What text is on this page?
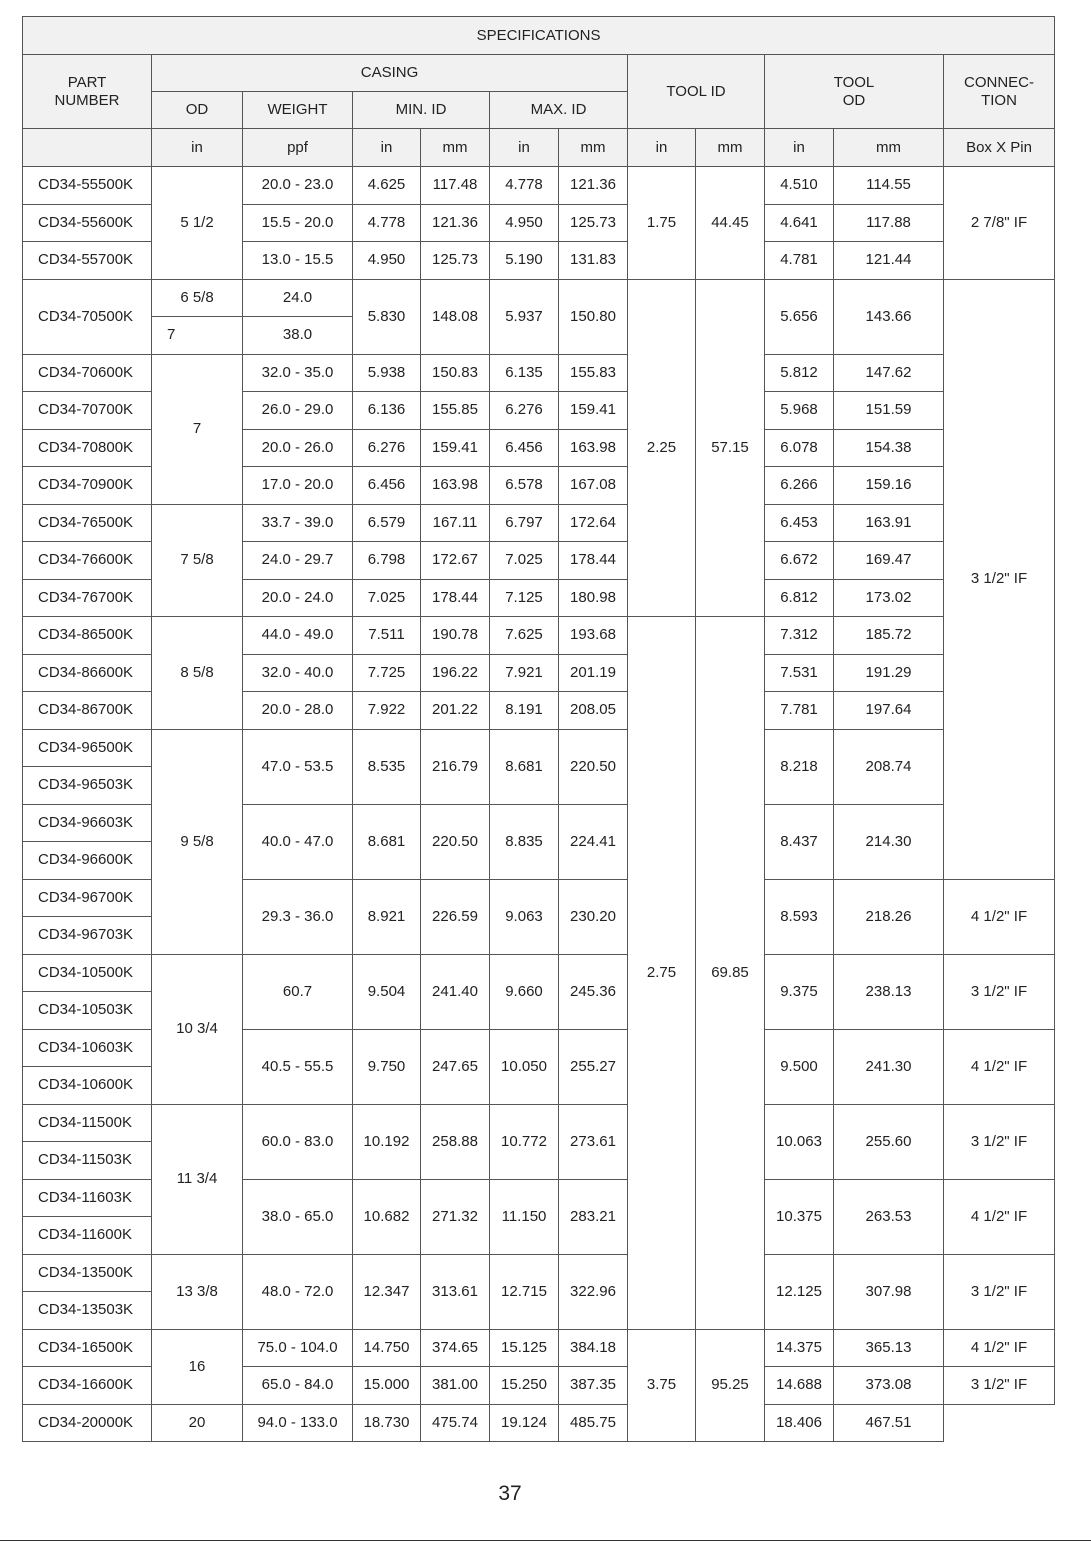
SPECIFICATIONS											
PART NUMBER	CASING						TOOL ID		TOOL OD		CONNEC- TION
	OD	WEIGHT	MIN. ID		MAX. ID						
	in	ppf	in	mm	in	mm	in	mm	in	mm	Box X Pin
CD34-55500K	5 1/2	20.0 - 23.0	4.625	117.48	4.778	121.36	1.75	44.45	4.510	114.55	2 7/8" IF
CD34-55600K		15.5 - 20.0	4.778	121.36	4.950	125.73			4.641	117.88	
CD34-55700K		13.0 - 15.5	4.950	125.73	5.190	131.83			4.781	121.44	
CD34-70500K	6 5/8	24.0	5.830	148.08	5.937	150.80	2.25	57.15	5.656	143.66	3 1/2" IF
	7	38.0									
CD34-70600K	7	32.0 - 35.0	5.938	150.83	6.135	155.83			5.812	147.62	
CD34-70700K		26.0 - 29.0	6.136	155.85	6.276	159.41			5.968	151.59	
CD34-70800K		20.0 - 26.0	6.276	159.41	6.456	163.98			6.078	154.38	
CD34-70900K		17.0 - 20.0	6.456	163.98	6.578	167.08			6.266	159.16	
CD34-76500K	7 5/8	33.7 - 39.0	6.579	167.11	6.797	172.64			6.453	163.91	
CD34-76600K		24.0 - 29.7	6.798	172.67	7.025	178.44			6.672	169.47	
CD34-76700K		20.0 - 24.0	7.025	178.44	7.125	180.98			6.812	173.02	
CD34-86500K	8 5/8	44.0 - 49.0	7.511	190.78	7.625	193.68	2.75	69.85	7.312	185.72	
CD34-86600K		32.0 - 40.0	7.725	196.22	7.921	201.19			7.531	191.29	
CD34-86700K		20.0 - 28.0	7.922	201.22	8.191	208.05			7.781	197.64	
CD34-96500K	9 5/8	47.0 - 53.5	8.535	216.79	8.681	220.50			8.218	208.74	
CD34-96503K											
CD34-96603K		40.0 - 47.0	8.681	220.50	8.835	224.41			8.437	214.30	
CD34-96600K											
CD34-96700K		29.3 - 36.0	8.921	226.59	9.063	230.20			8.593	218.26	4 1/2" IF
CD34-96703K											
CD34-10500K	10 3/4	60.7	9.504	241.40	9.660	245.36			9.375	238.13	3 1/2" IF
CD34-10503K											
CD34-10603K		40.5 - 55.5	9.750	247.65	10.050	255.27			9.500	241.30	4 1/2" IF
CD34-10600K											
CD34-11500K	11 3/4	60.0 - 83.0	10.192	258.88	10.772	273.61			10.063	255.60	3 1/2" IF
CD34-11503K											
CD34-11603K		38.0 - 65.0	10.682	271.32	11.150	283.21			10.375	263.53	4 1/2" IF
CD34-11600K											
CD34-13500K	13 3/8	48.0 - 72.0	12.347	313.61	12.715	322.96			12.125	307.98	3 1/2" IF
CD34-13503K											
CD34-16500K	16	75.0 - 104.0	14.750	374.65	15.125	384.18	3.75	95.25	14.375	365.13	4 1/2" IF
CD34-16600K		65.0 - 84.0	15.000	381.00	15.250	387.35			14.688	373.08	3 1/2" IF
CD34-20000K	20	94.0 - 133.0	18.730	475.74	19.124	485.75			18.406	467.51	
37
